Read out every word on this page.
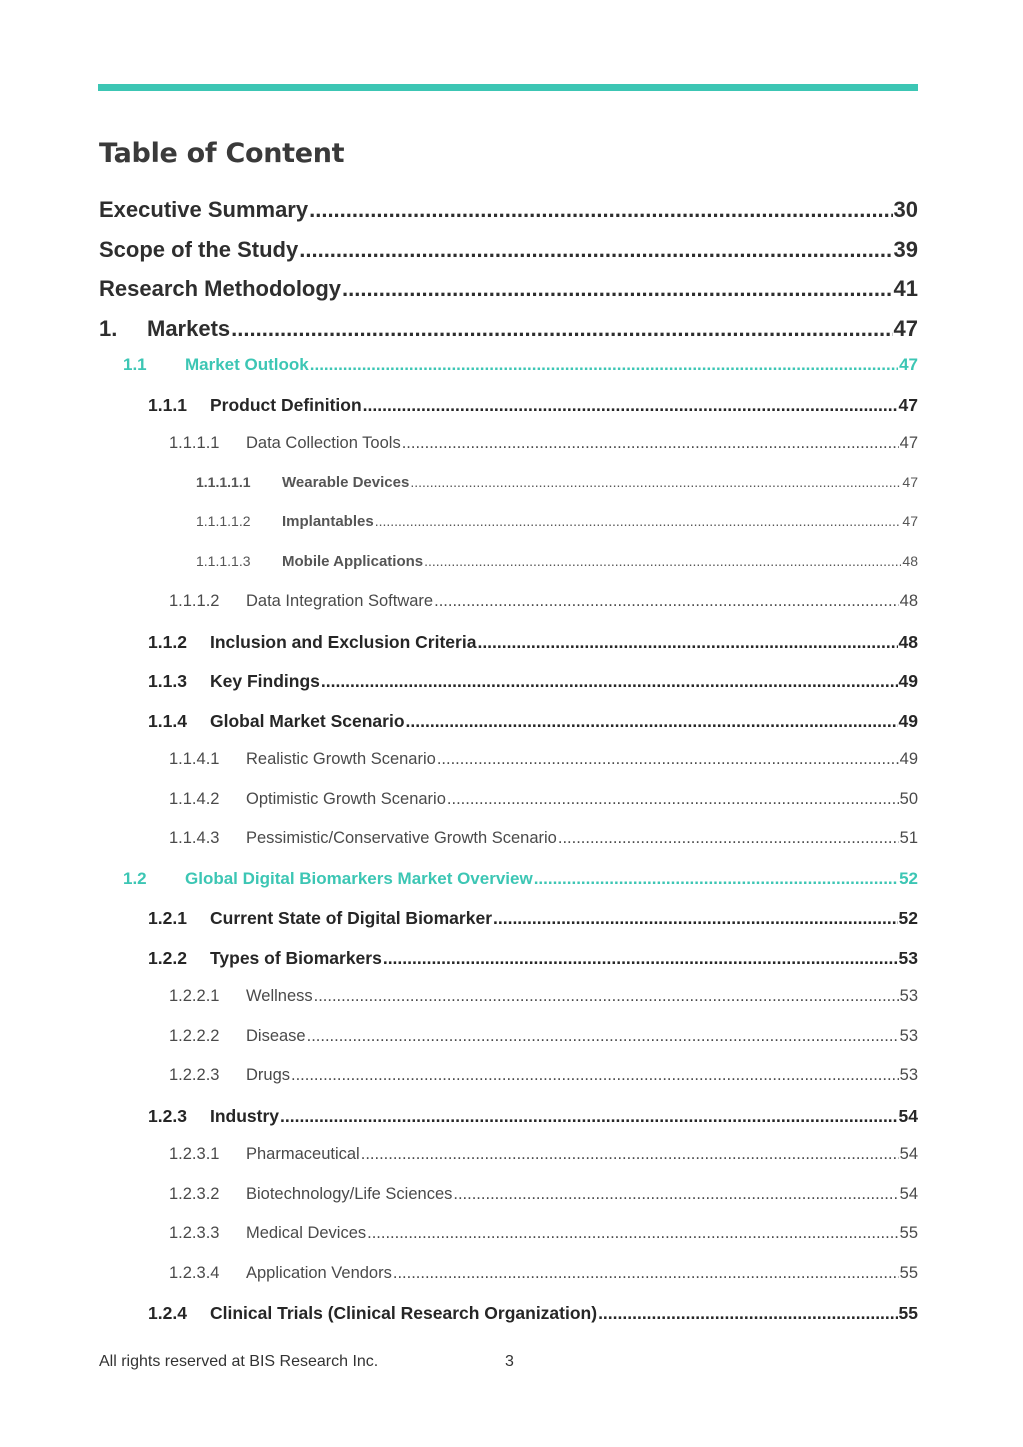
Table of Content
Executive Summary .....	30
Scope of the Study .....	39
Research Methodology .....	41
1.	Markets .....	47
1.1	Market Outlook .....	47
1.1.1	Product Definition .....	47
1.1.1.1	Data Collection Tools .....	47
1.1.1.1.1	Wearable Devices .....	47
1.1.1.1.2	Implantables .....	47
1.1.1.1.3	Mobile Applications .....	48
1.1.1.2	Data Integration Software .....	48
1.1.2	Inclusion and Exclusion Criteria .....	48
1.1.3	Key Findings .....	49
1.1.4	Global Market Scenario .....	49
1.1.4.1	Realistic Growth Scenario .....	49
1.1.4.2	Optimistic Growth Scenario .....	50
1.1.4.3	Pessimistic/Conservative Growth Scenario .....	51
1.2	Global Digital Biomarkers Market Overview .....	52
1.2.1	Current State of Digital Biomarker .....	52
1.2.2	Types of Biomarkers .....	53
1.2.2.1	Wellness .....	53
1.2.2.2	Disease .....	53
1.2.2.3	Drugs .....	53
1.2.3	Industry .....	54
1.2.3.1	Pharmaceutical .....	54
1.2.3.2	Biotechnology/Life Sciences .....	54
1.2.3.3	Medical Devices .....	55
1.2.3.4	Application Vendors .....	55
1.2.4	Clinical Trials (Clinical Research Organization) .....	55
All rights reserved at BIS Research Inc.	3
